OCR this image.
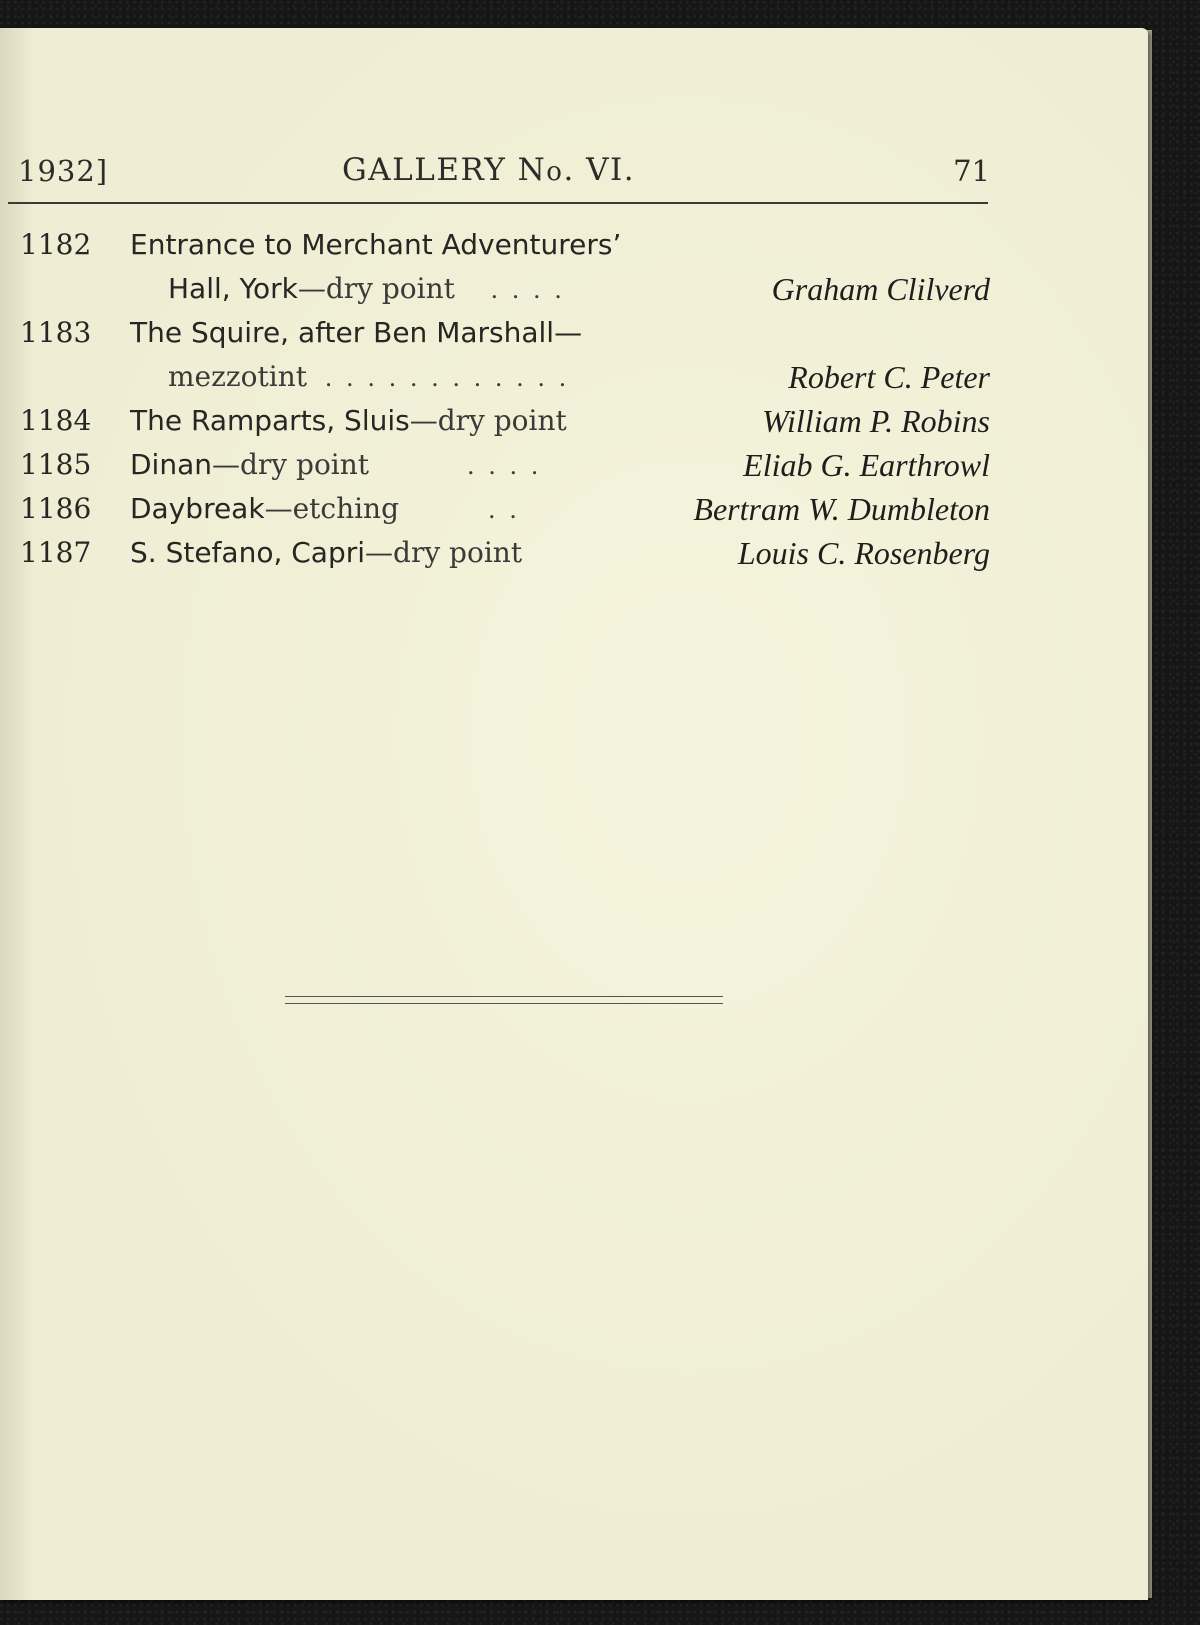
1932]	GALLERY No. VI.	71
1182 Entrance to Merchant Adventurers’
Hall, York—dry point . . . .	Graham Clilverd
1183 The Squire, after Ben Marshall—
mezzotint . . . . . . . . . . . .	Robert C. Peter
1184 The Ramparts, Sluis—dry point	William P. Robins
1185 Dinan—dry point	. . . .	Eliab G. Earthrowl
1186 Daybreak—etching	. .	Bertram W. Dumbleton
1187 S. Stefano, Capri—dry point	Louis C. Rosenberg
